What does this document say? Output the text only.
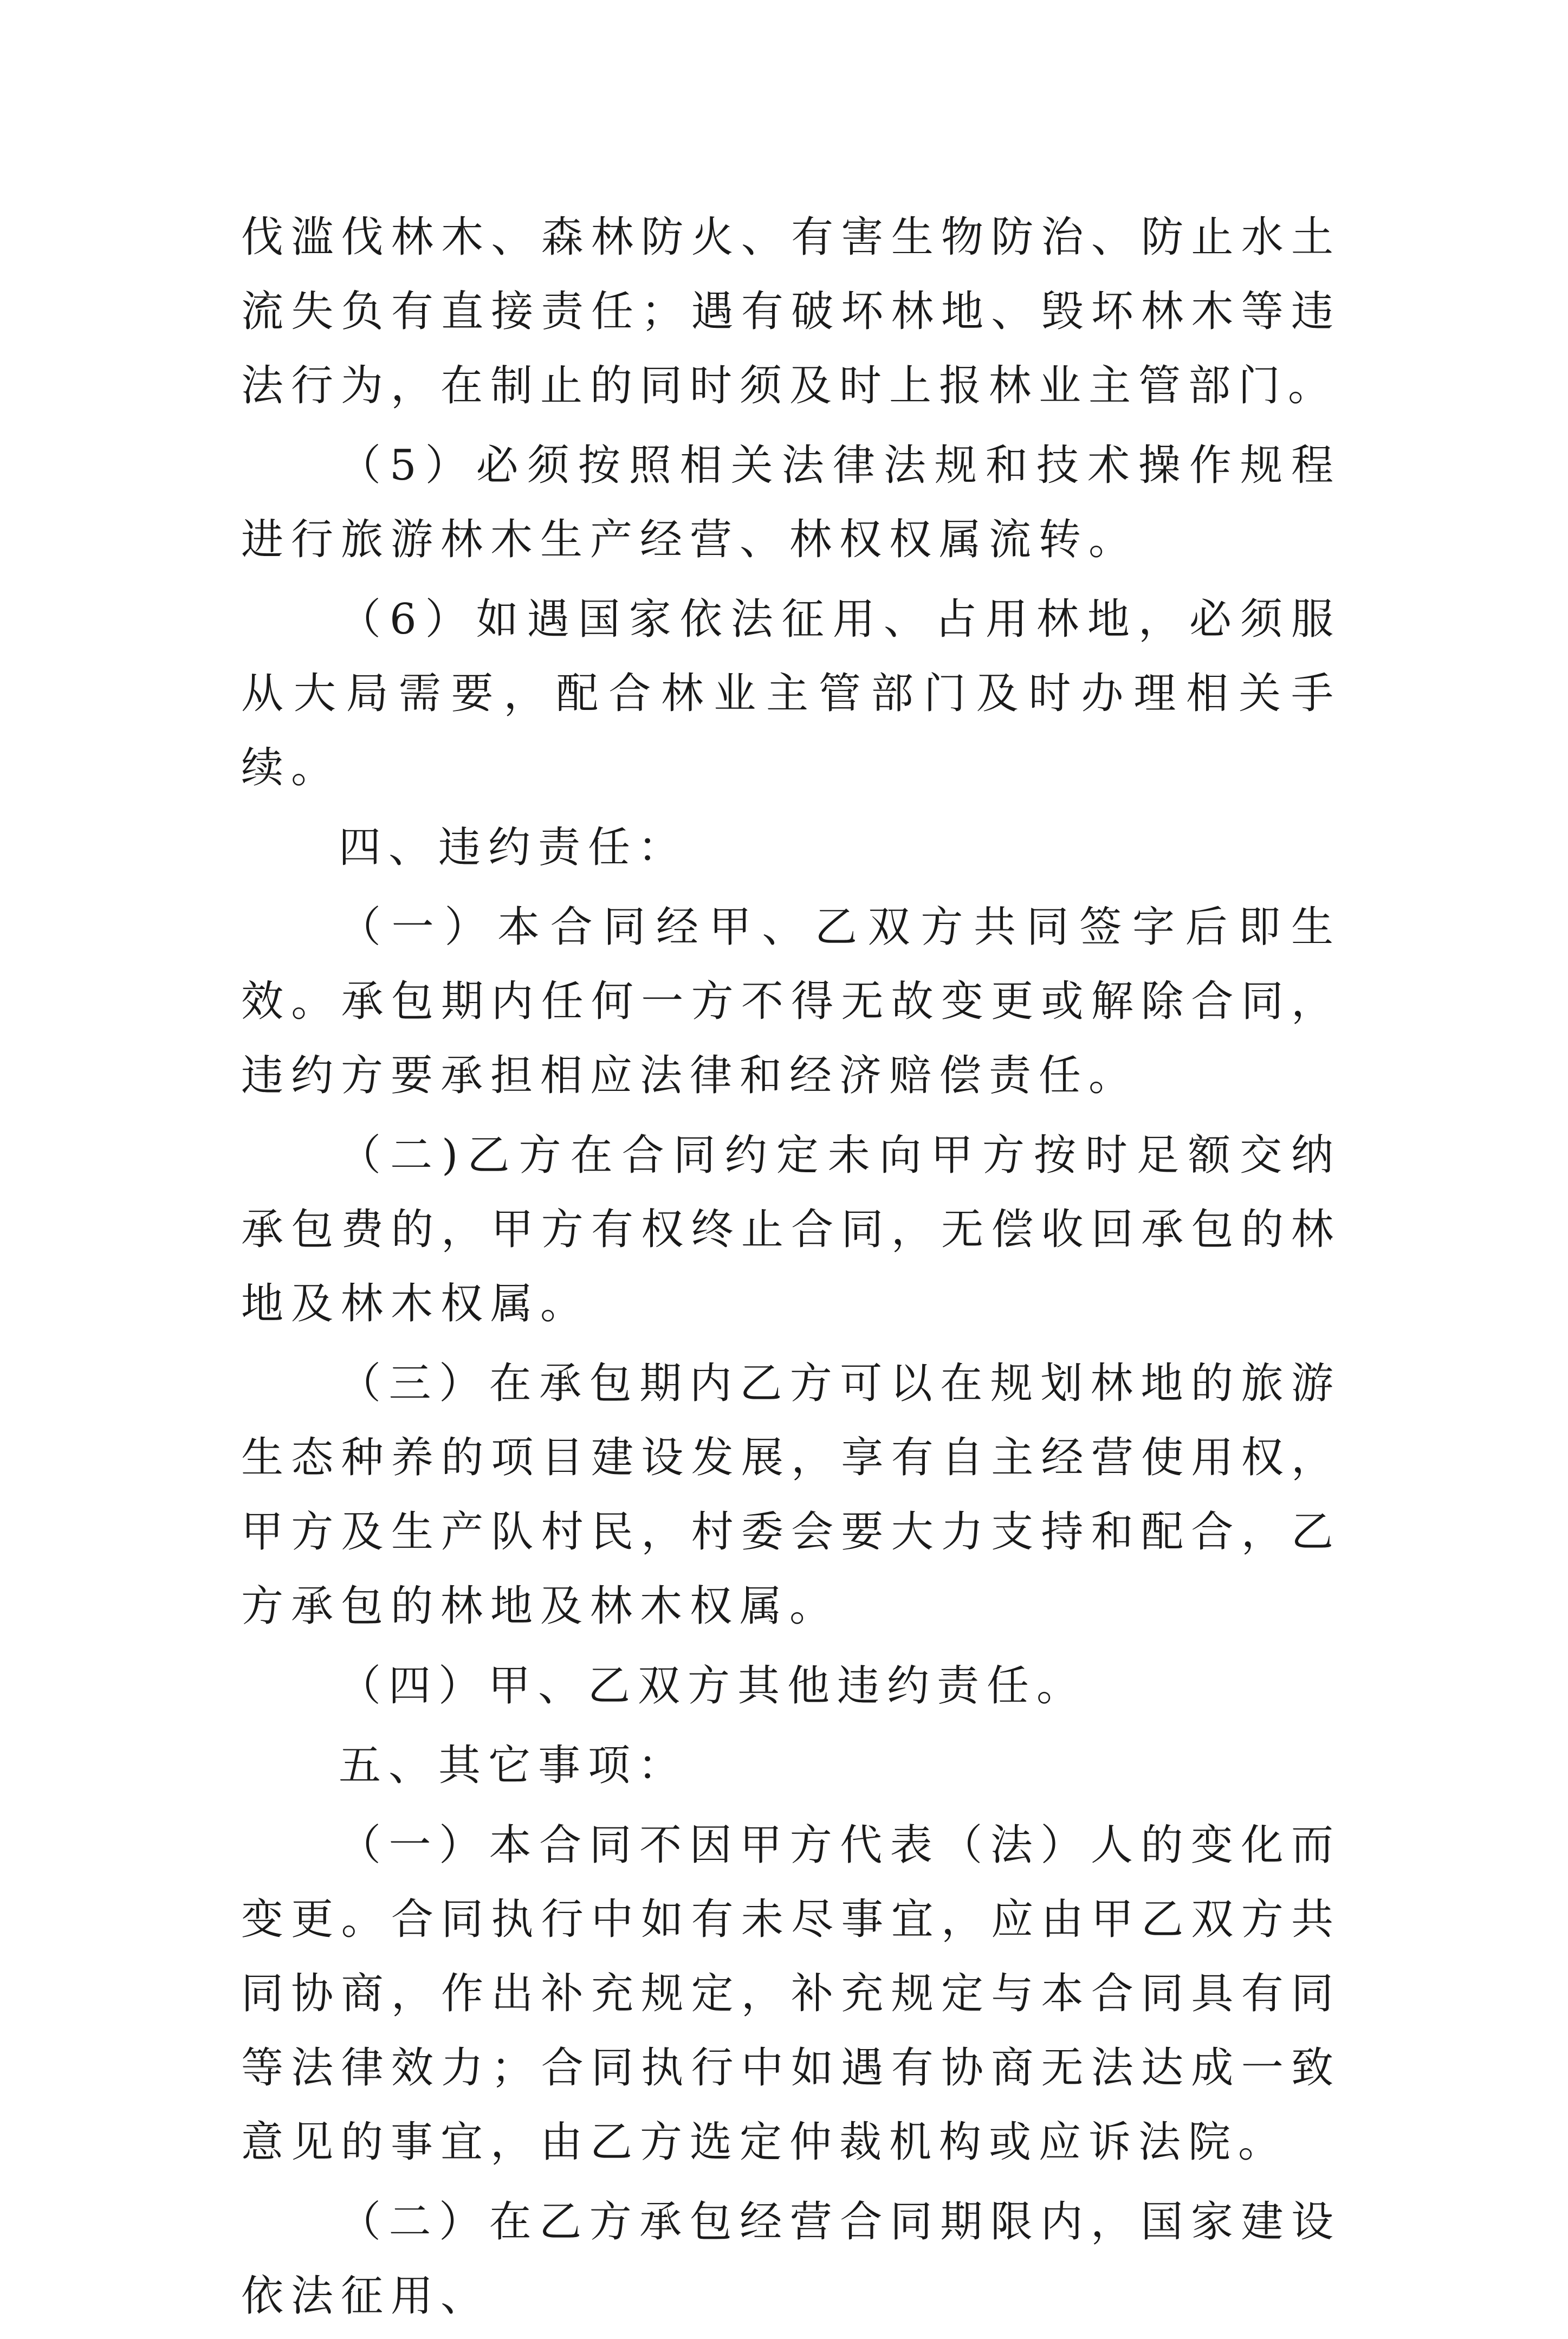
伐滥伐林木、森林防火、有害生物防治、防止水土流失负有直接责任；遇有破坏林地、毁坏林木等违法行为，在制止的同时须及时上报林业主管部门。

（5）必须按照相关法律法规和技术操作规程进行旅游林木生产经营、林权权属流转。

（6）如遇国家依法征用、占用林地，必须服从大局需要，配合林业主管部门及时办理相关手续。

四、违约责任：

（一）本合同经甲、乙双方共同签字后即生效。承包期内任何一方不得无故变更或解除合同，违约方要承担相应法律和经济赔偿责任。

（二)乙方在合同约定未向甲方按时足额交纳承包费的，甲方有权终止合同，无偿收回承包的林地及林木权属。

（三）在承包期内乙方可以在规划林地的旅游生态种养的项目建设发展，享有自主经营使用权，甲方及生产队村民，村委会要大力支持和配合，乙方承包的林地及林木权属。

（四）甲、乙双方其他违约责任。

五、其它事项：

（一）本合同不因甲方代表（法）人的变化而变更。合同执行中如有未尽事宜，应由甲乙双方共同协商，作出补充规定，补充规定与本合同具有同等法律效力；合同执行中如遇有协商无法达成一致意见的事宜，由乙方选定仲裁机构或应诉法院。

（二）在乙方承包经营合同期限内，国家建设依法征用、
